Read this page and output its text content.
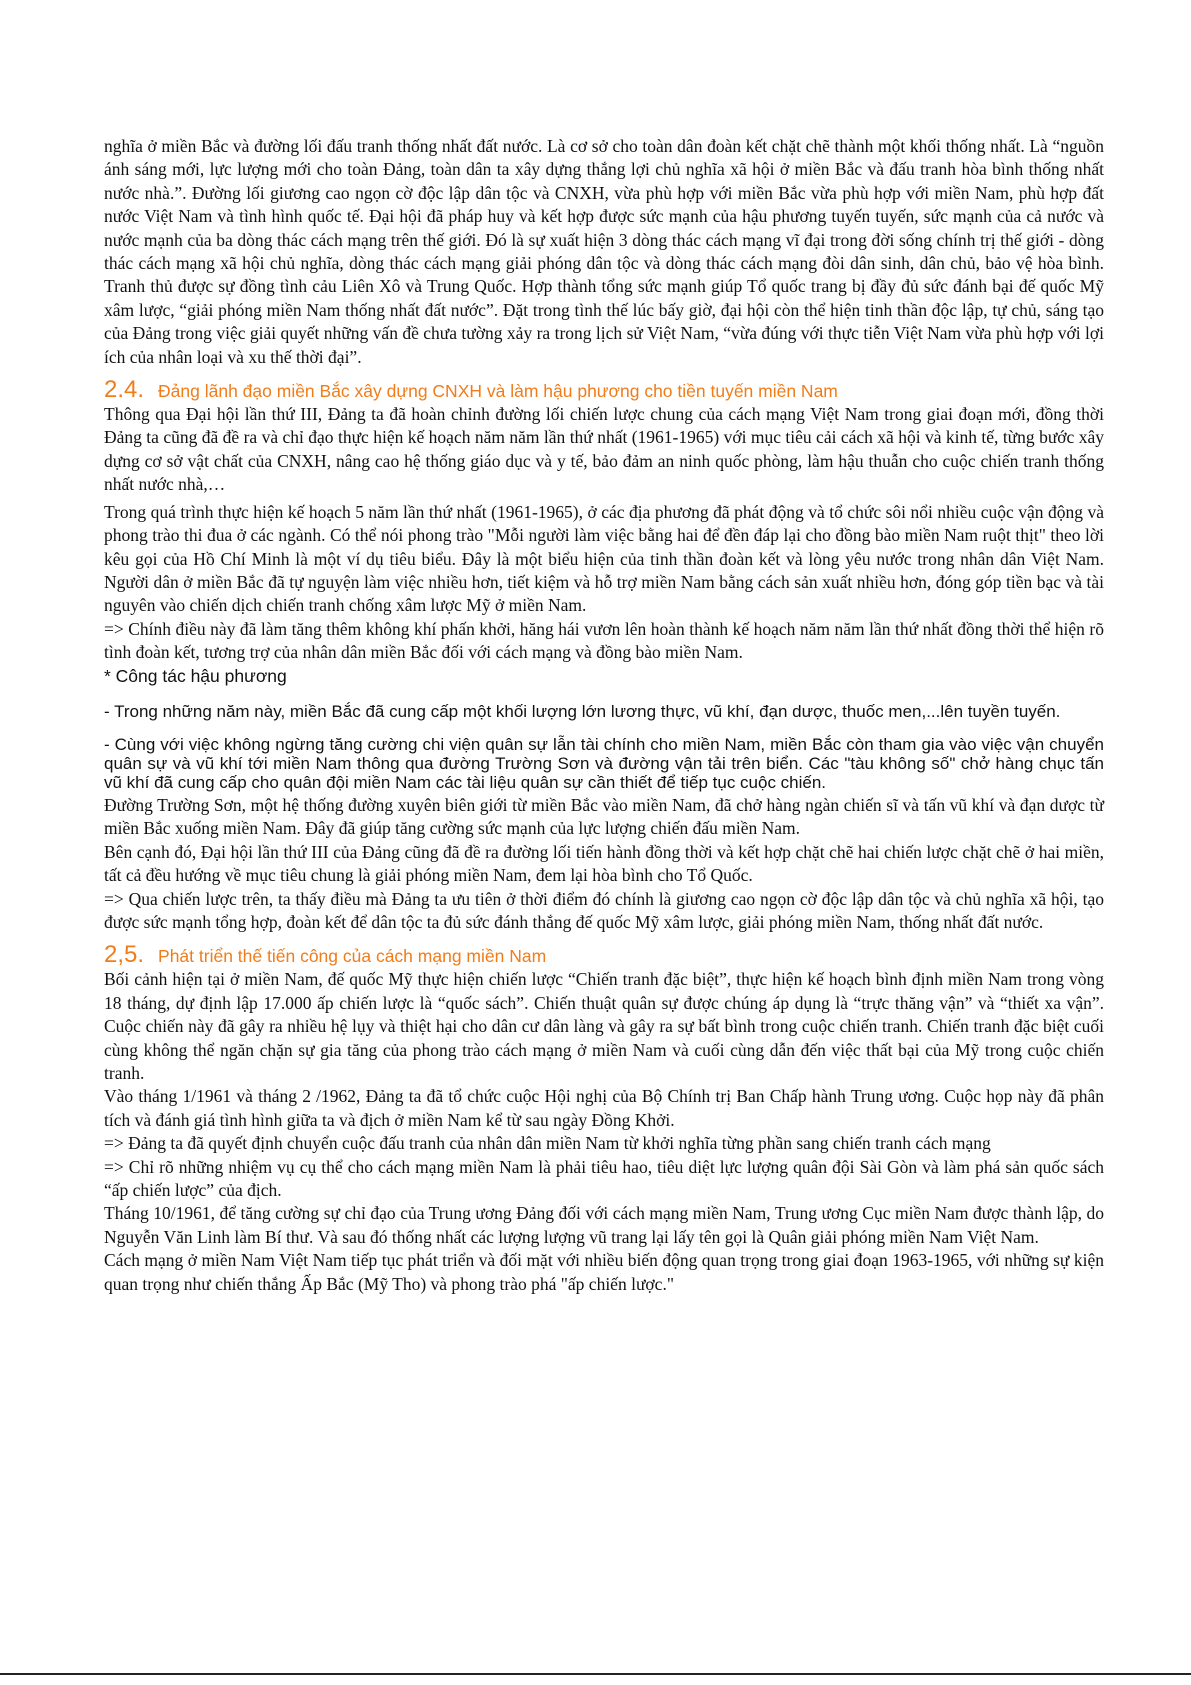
nghĩa ở miền Bắc và đường lối đấu tranh thống nhất đất nước. Là cơ sở cho toàn dân đoàn kết chặt chẽ thành một khối thống nhất. Là “nguồn ánh sáng mới, lực lượng mới cho toàn Đảng, toàn dân ta xây dựng thắng lợi chủ nghĩa xã hội ở miền Bắc và đấu tranh hòa bình thống nhất nước nhà.”. Đường lối giương cao ngọn cờ độc lập dân tộc và CNXH, vừa phù hợp với miền Bắc vừa phù hợp với miền Nam, phù hợp đất nước Việt Nam và tình hình quốc tế. Đại hội đã pháp huy và kết hợp được sức mạnh của hậu phương tuyến tuyến, sức mạnh của cả nước và nước mạnh của ba dòng thác cách mạng trên thế giới. Đó là sự xuất hiện 3 dòng thác cách mạng vĩ đại trong đời sống chính trị thế giới - dòng thác cách mạng xã hội chủ nghĩa, dòng thác cách mạng giải phóng dân tộc và dòng thác cách mạng đòi dân sinh, dân chủ, bảo vệ hòa bình. Tranh thủ được sự đồng tình cảu Liên Xô và Trung Quốc. Hợp thành tổng sức mạnh giúp Tổ quốc trang bị đầy đủ sức đánh bại đế quốc Mỹ xâm lược, “giải phóng miền Nam thống nhất đất nước”. Đặt trong tình thế lúc bấy giờ, đại hội còn thể hiện tinh thần độc lập, tự chủ, sáng tạo của Đảng trong việc giải quyết những vấn đề chưa tường xảy ra trong lịch sử Việt Nam, “vừa đúng với thực tiễn Việt Nam vừa phù hợp với lợi ích của nhân loại và xu thế thời đại”.

2.4. Đảng lãnh đạo miền Bắc xây dựng CNXH và làm hậu phương cho tiền tuyến miền Nam

Thông qua Đại hội lần thứ III, Đảng ta đã hoàn chỉnh đường lối chiến lược chung của cách mạng Việt Nam trong giai đoạn mới, đồng thời Đảng ta cũng đã đề ra và chỉ đạo thực hiện kế hoạch năm năm lần thứ nhất (1961-1965) với mục tiêu cải cách xã hội và kinh tế, từng bước xây dựng cơ sở vật chất của CNXH, nâng cao hệ thống giáo dục và y tế, bảo đảm an ninh quốc phòng, làm hậu thuẫn cho cuộc chiến tranh thống nhất nước nhà,…

Trong quá trình thực hiện kế hoạch 5 năm lần thứ nhất (1961-1965), ở các địa phương đã phát động và tổ chức sôi nổi nhiều cuộc vận động và phong trào thi đua ở các ngành. Có thể nói phong trào "Mỗi người làm việc bằng hai để đền đáp lại cho đồng bào miền Nam ruột thịt" theo lời kêu gọi của Hồ Chí Minh là một ví dụ tiêu biểu. Đây là một biểu hiện của tinh thần đoàn kết và lòng yêu nước trong nhân dân Việt Nam. Người dân ở miền Bắc đã tự nguyện làm việc nhiều hơn, tiết kiệm và hỗ trợ miền Nam bằng cách sản xuất nhiều hơn, đóng góp tiền bạc và tài nguyên vào chiến dịch chiến tranh chống xâm lược Mỹ ở miền Nam.

=> Chính điều này đã làm tăng thêm không khí phấn khởi, hăng hái vươn lên hoàn thành kế hoạch năm năm lần thứ nhất đồng thời thể hiện rõ tình đoàn kết, tương trợ của nhân dân miền Bắc đối với cách mạng và đồng bào miền Nam.

* Công tác hậu phương

- Trong những năm này, miền Bắc đã cung cấp một khối lượng lớn lương thực, vũ khí, đạn dược, thuốc men,...lên tuyền tuyến.

- Cùng với việc không ngừng tăng cường chi viện quân sự lẫn tài chính cho miền Nam, miền Bắc còn tham gia vào việc vận chuyển quân sự và vũ khí tới miền Nam thông qua đường Trường Sơn và đường vận tải trên biển. Các "tàu không số" chở hàng chục tấn vũ khí đã cung cấp cho quân đội miền Nam các tài liệu quân sự cần thiết để tiếp tục cuộc chiến.

Đường Trường Sơn, một hệ thống đường xuyên biên giới từ miền Bắc vào miền Nam, đã chở hàng ngàn chiến sĩ và tấn vũ khí và đạn dược từ miền Bắc xuống miền Nam. Đây đã giúp tăng cường sức mạnh của lực lượng chiến đấu miền Nam.

Bên cạnh đó, Đại hội lần thứ III của Đảng cũng đã đề ra đường lối tiến hành đồng thời và kết hợp chặt chẽ hai chiến lược chặt chẽ ở hai miền, tất cả đều hướng về mục tiêu chung là giải phóng miền Nam, đem lại hòa bình cho Tổ Quốc.

=> Qua chiến lược trên, ta thấy điều mà Đảng ta ưu tiên ở thời điểm đó chính là giương cao ngọn cờ độc lập dân tộc và chủ nghĩa xã hội, tạo được sức mạnh tổng hợp, đoàn kết để dân tộc ta đủ sức đánh thắng đế quốc Mỹ xâm lược, giải phóng miền Nam, thống nhất đất nước.

2,5. Phát triển thế tiến công của cách mạng miền Nam

Bối cảnh hiện tại ở miền Nam, đế quốc Mỹ thực hiện chiến lược “Chiến tranh đặc biệt”, thực hiện kế hoạch bình định miền Nam trong vòng 18 tháng, dự định lập 17.000 ấp chiến lược là “quốc sách”. Chiến thuật quân sự được chúng áp dụng là “trực thăng vận” và “thiết xa vận”. Cuộc chiến này đã gây ra nhiều hệ lụy và thiệt hại cho dân cư dân làng và gây ra sự bất bình trong cuộc chiến tranh. Chiến tranh đặc biệt cuối cùng không thể ngăn chặn sự gia tăng của phong trào cách mạng ở miền Nam và cuối cùng dẫn đến việc thất bại của Mỹ trong cuộc chiến tranh.

Vào tháng 1/1961 và tháng 2 /1962, Đảng ta đã tổ chức cuộc Hội nghị của Bộ Chính trị Ban Chấp hành Trung ương. Cuộc họp này đã phân tích và đánh giá tình hình giữa ta và địch ở miền Nam kể từ sau ngày Đồng Khởi.

=> Đảng ta đã quyết định chuyển cuộc đấu tranh của nhân dân miền Nam từ khởi nghĩa từng phần sang chiến tranh cách mạng

=> Chỉ rõ những nhiệm vụ cụ thể cho cách mạng miền Nam là phải tiêu hao, tiêu diệt lực lượng quân đội Sài Gòn và làm phá sản quốc sách “ấp chiến lược” của địch.

Tháng 10/1961, để tăng cường sự chỉ đạo của Trung ương Đảng đối với cách mạng miền Nam, Trung ương Cục miền Nam được thành lập, do Nguyễn Văn Linh làm Bí thư. Và sau đó thống nhất các lượng lượng vũ trang lại lấy tên gọi là Quân giải phóng miền Nam Việt Nam.

Cách mạng ở miền Nam Việt Nam tiếp tục phát triển và đối mặt với nhiều biến động quan trọng trong giai đoạn 1963-1965, với những sự kiện quan trọng như chiến thắng Ấp Bắc (Mỹ Tho) và phong trào phá "ấp chiến lược."
